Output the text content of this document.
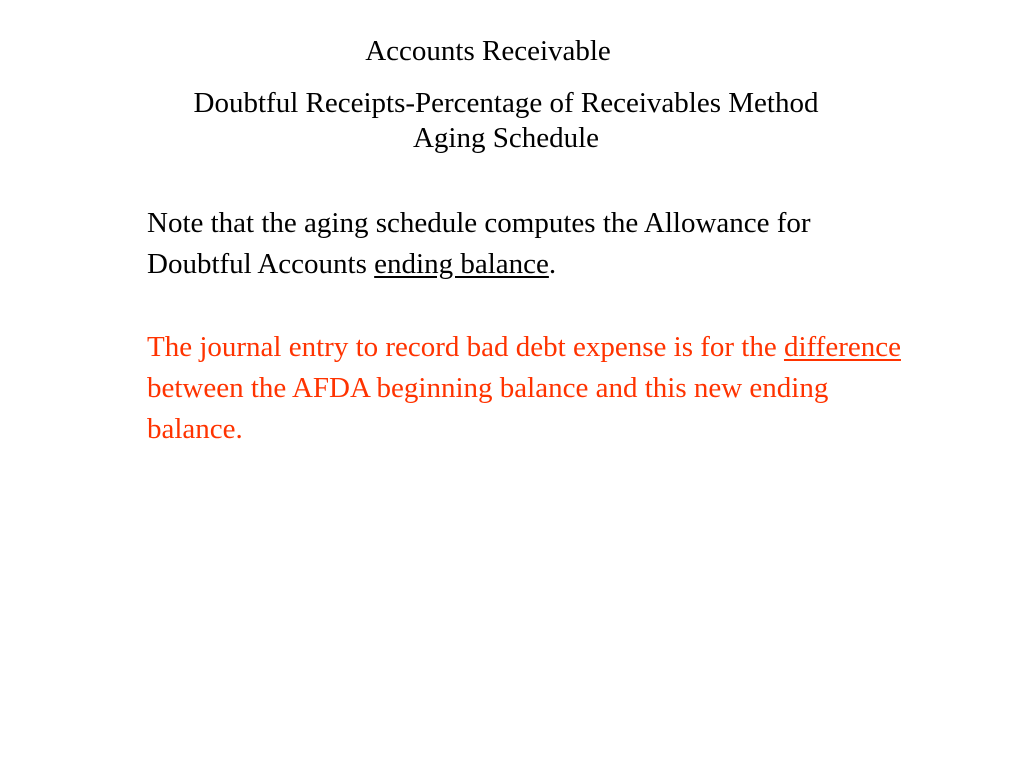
Accounts Receivable
Doubtful Receipts-Percentage of Receivables Method
Aging Schedule

Note that the aging schedule computes the Allowance for Doubtful Accounts ending balance.

The journal entry to record bad debt expense is for the difference between the AFDA beginning balance and this new ending balance.
